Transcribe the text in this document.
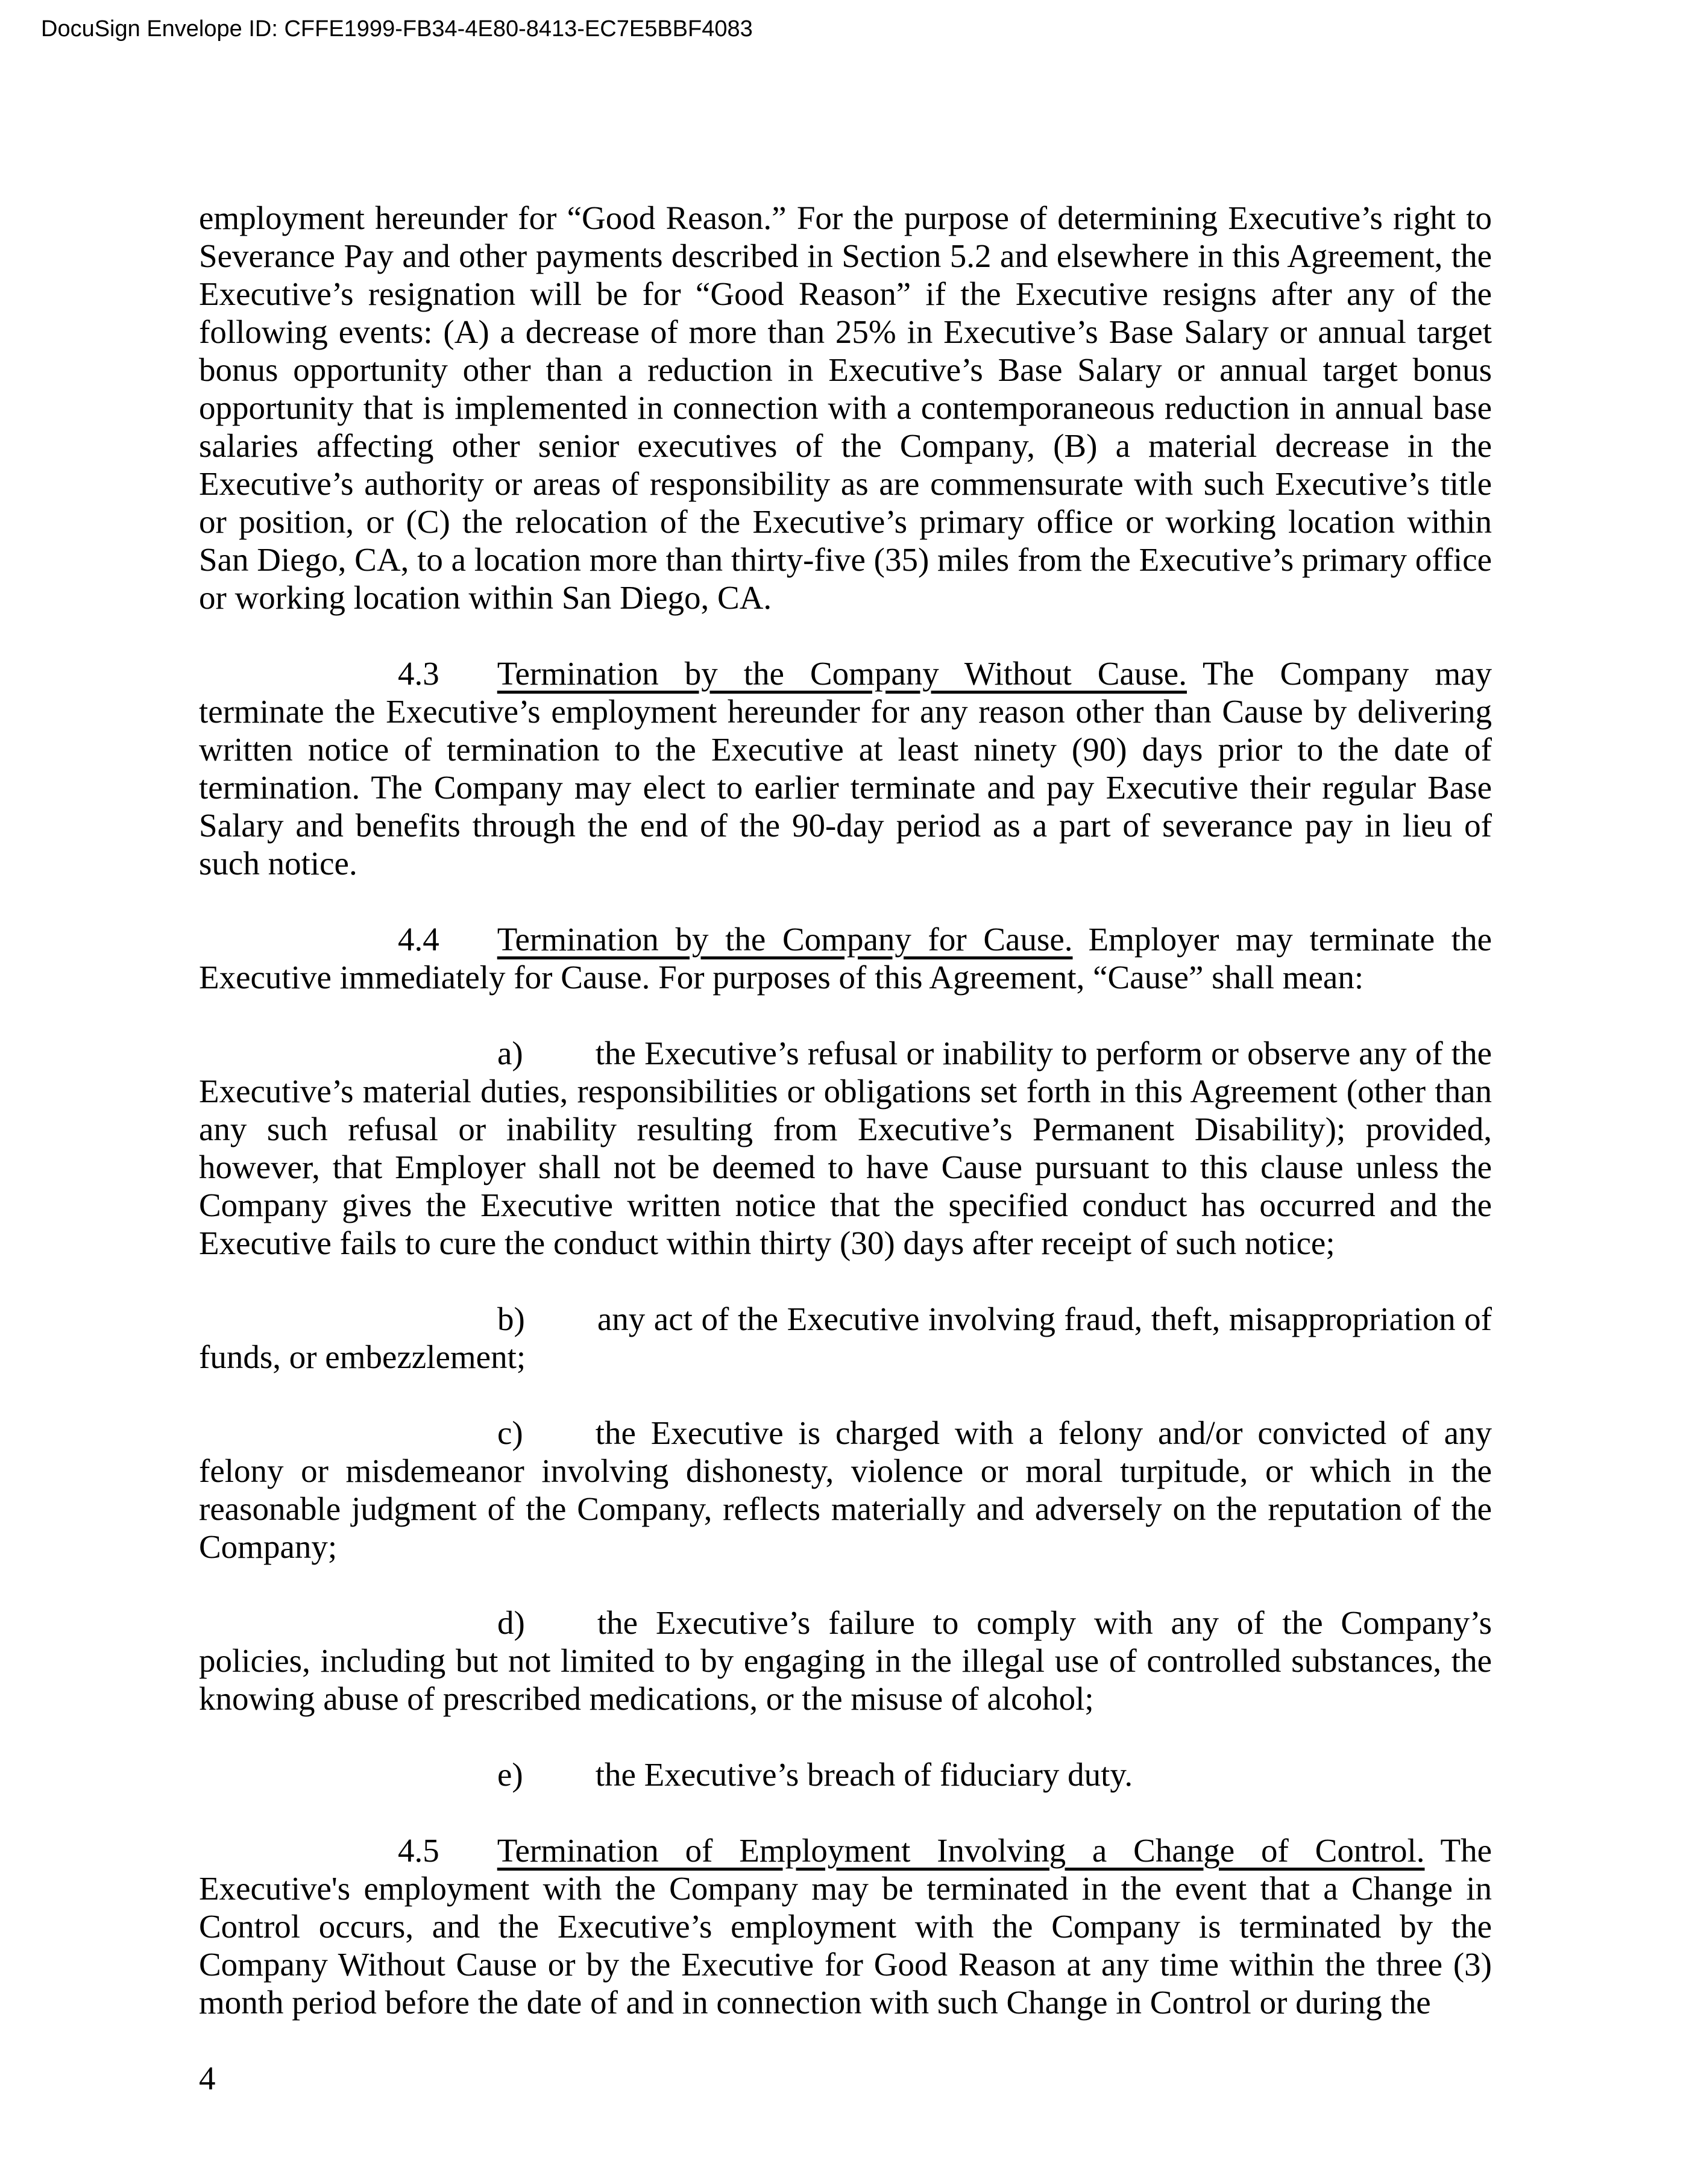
DocuSign Envelope ID: CFFE1999-FB34-4E80-8413-EC7E5BBF4083

employment hereunder for “Good Reason.” For the purpose of determining Executive’s right to Severance Pay and other payments described in Section 5.2 and elsewhere in this Agreement, the Executive’s resignation will be for “Good Reason” if the Executive resigns after any of the following events: (A) a decrease of more than 25% in Executive’s Base Salary or annual target bonus opportunity other than a reduction in Executive’s Base Salary or annual target bonus opportunity that is implemented in connection with a contemporaneous reduction in annual base salaries affecting other senior executives of the Company, (B) a material decrease in the Executive’s authority or areas of responsibility as are commensurate with such Executive’s title or position, or (C) the relocation of the Executive’s primary office or working location within San Diego, CA, to a location more than thirty-five (35) miles from the Executive’s primary office or working location within San Diego, CA.

4.3 Termination by the Company Without Cause. The Company may terminate the Executive’s employment hereunder for any reason other than Cause by delivering written notice of termination to the Executive at least ninety (90) days prior to the date of termination. The Company may elect to earlier terminate and pay Executive their regular Base Salary and benefits through the end of the 90-day period as a part of severance pay in lieu of such notice.

4.4 Termination by the Company for Cause. Employer may terminate the Executive immediately for Cause. For purposes of this Agreement, “Cause” shall mean:

a) the Executive’s refusal or inability to perform or observe any of the Executive’s material duties, responsibilities or obligations set forth in this Agreement (other than any such refusal or inability resulting from Executive’s Permanent Disability); provided, however, that Employer shall not be deemed to have Cause pursuant to this clause unless the Company gives the Executive written notice that the specified conduct has occurred and the Executive fails to cure the conduct within thirty (30) days after receipt of such notice;

b) any act of the Executive involving fraud, theft, misappropriation of funds, or embezzlement;

c) the Executive is charged with a felony and/or convicted of any felony or misdemeanor involving dishonesty, violence or moral turpitude, or which in the reasonable judgment of the Company, reflects materially and adversely on the reputation of the Company;

d) the Executive’s failure to comply with any of the Company’s policies, including but not limited to by engaging in the illegal use of controlled substances, the knowing abuse of prescribed medications, or the misuse of alcohol;

e) the Executive’s breach of fiduciary duty.

4.5 Termination of Employment Involving a Change of Control. The Executive's employment with the Company may be terminated in the event that a Change in Control occurs, and the Executive’s employment with the Company is terminated by the Company Without Cause or by the Executive for Good Reason at any time within the three (3) month period before the date of and in connection with such Change in Control or during the

4
